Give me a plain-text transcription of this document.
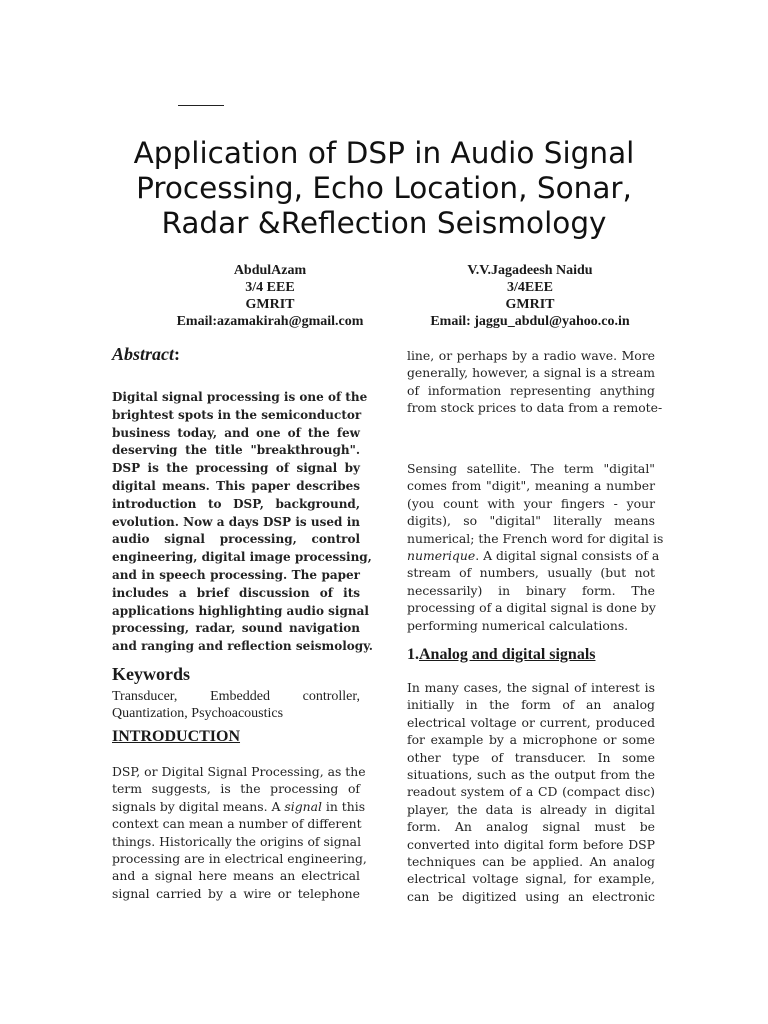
Application of DSP in Audio Signal
Processing, Echo Location, Sonar,
Radar &Reflection Seismology
AbdulAzam
3/4 EEE
GMRIT
Email:azamakirah@gmail.com
V.V.Jagadeesh Naidu
3/4EEE
GMRIT
Email: jaggu_abdul@yahoo.co.in
Abstract:
Digital signal processing is one of the
brightest spots in the semiconductor
business today, and one of the few
deserving the title "breakthrough".
DSP is the processing of signal by
digital means. This paper describes
introduction to DSP, background,
evolution. Now a days DSP is used in
audio signal processing, control
engineering, digital image processing,
and in speech processing. The paper
includes a brief discussion of its
applications highlighting audio signal
processing, radar, sound navigation
and ranging and reflection seismology.
Keywords
Transducer,         Embedded         controller,
Quantization, Psychoacoustics
INTRODUCTION
DSP, or Digital Signal Processing, as the
term suggests, is the processing of
signals by digital means. A signal in this
context can mean a number of different
things. Historically the origins of signal
processing are in electrical engineering,
and a signal here means an electrical
signal carried by a wire or telephone
line, or perhaps by a radio wave. More
generally, however, a signal is a stream
of information representing anything
from stock prices to data from a remote-
Sensing satellite. The term "digital"
comes from "digit", meaning a number
(you count with your fingers - your
digits), so "digital" literally means
numerical; the French word for digital is
numerique. A digital signal consists of a
stream of numbers, usually (but not
necessarily) in binary form. The
processing of a digital signal is done by
performing numerical calculations.
1.Analog and digital signals
In many cases, the signal of interest is
initially in the form of an analog
electrical voltage or current, produced
for example by a microphone or some
other type of transducer. In some
situations, such as the output from the
readout system of a CD (compact disc)
player, the data is already in digital
form. An analog signal must be
converted into digital form before DSP
techniques can be applied. An analog
electrical voltage signal, for example,
can be digitized using an electronic
